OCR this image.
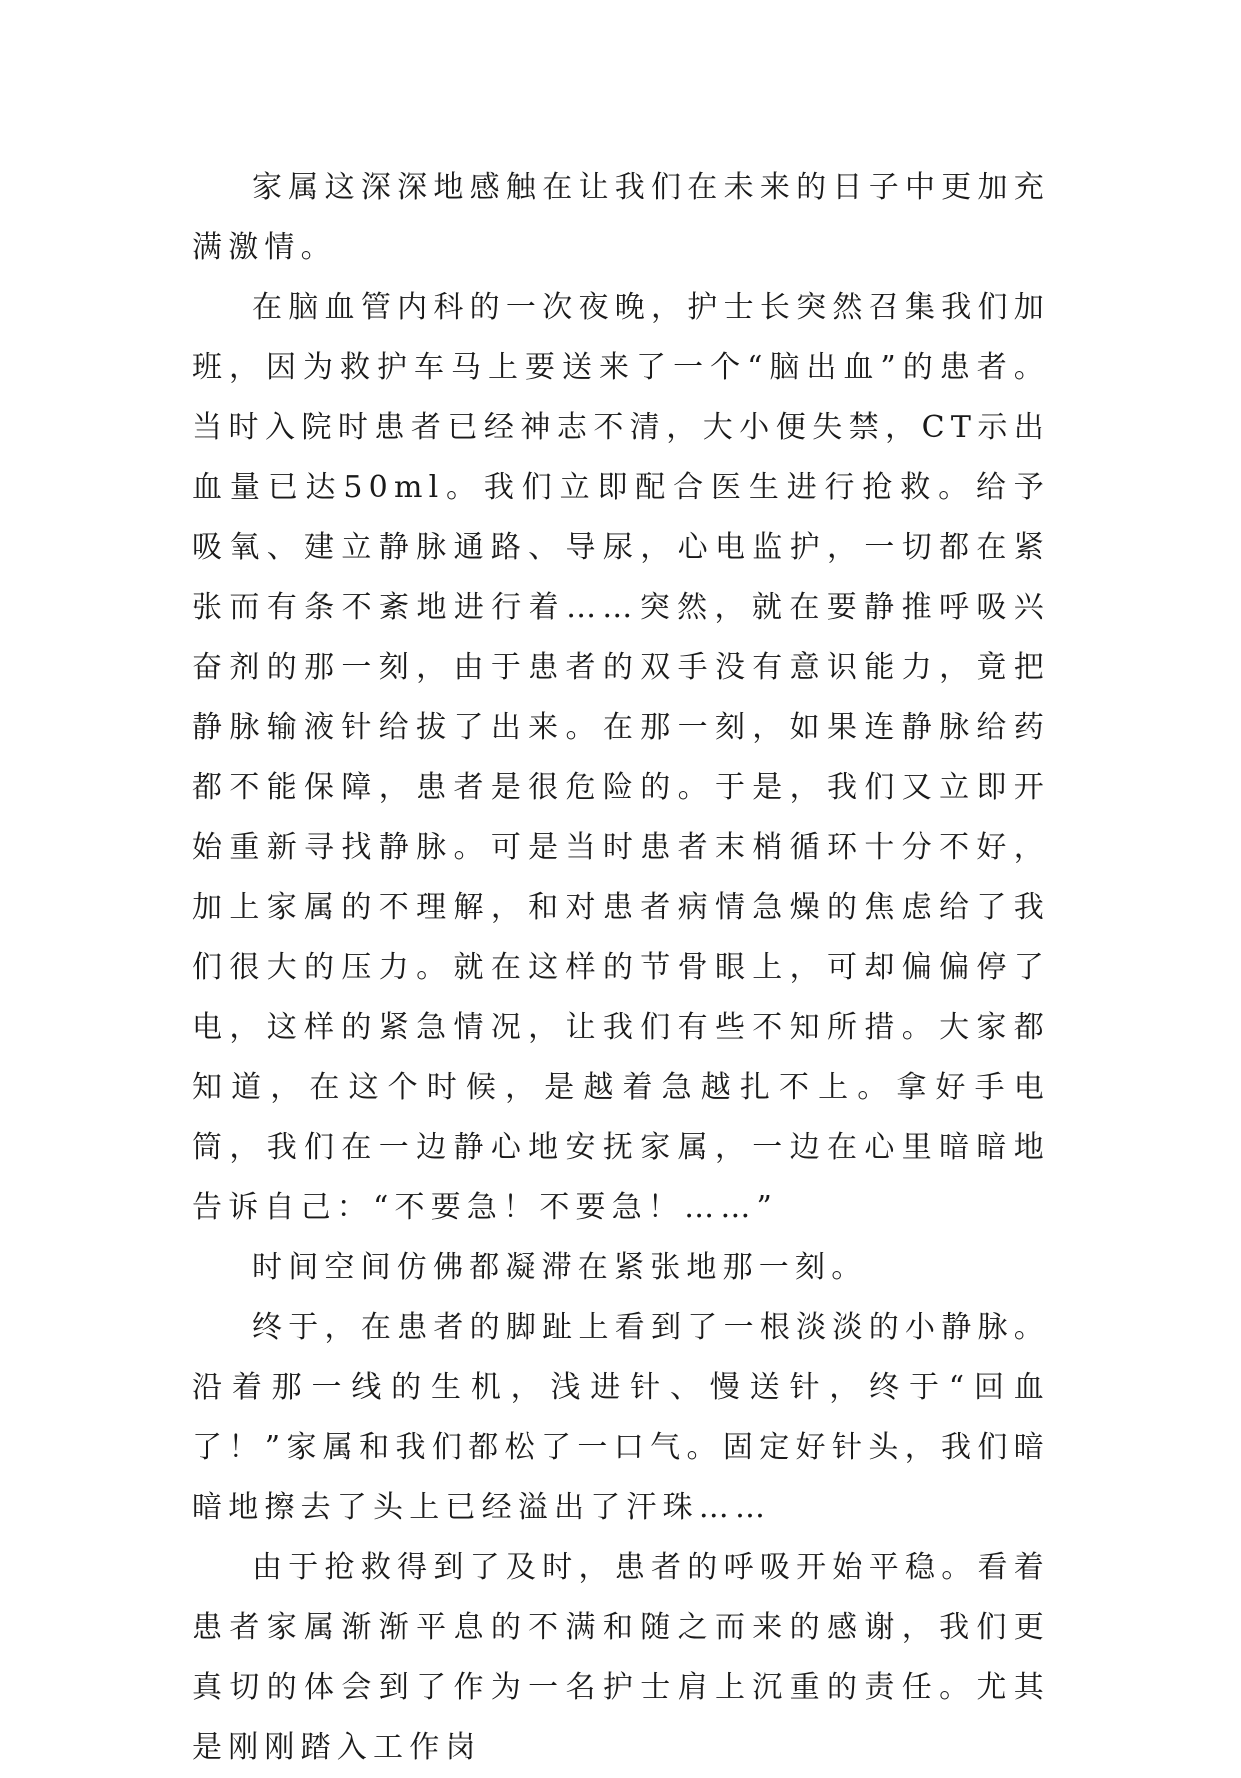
家属这深深地感触在让我们在未来的日子中更加充满激情。

在脑血管内科的一次夜晚，护士长突然召集我们加班，因为救护车马上要送来了一个“脑出血”的患者。当时入院时患者已经神志不清，大小便失禁，CT示出血量已达50ml。我们立即配合医生进行抢救。给予吸氧、建立静脉通路、导尿，心电监护，一切都在紧张而有条不紊地进行着……突然，就在要静推呼吸兴奋剂的那一刻，由于患者的双手没有意识能力，竟把静脉输液针给拔了出来。在那一刻，如果连静脉给药都不能保障，患者是很危险的。于是，我们又立即开始重新寻找静脉。可是当时患者末梢循环十分不好，加上家属的不理解，和对患者病情急燥的焦虑给了我们很大的压力。就在这样的节骨眼上，可却偏偏停了电，这样的紧急情况，让我们有些不知所措。大家都知道，在这个时候，是越着急越扎不上。拿好手电筒，我们在一边静心地安抚家属，一边在心里暗暗地告诉自己：“不要急！不要急！……”

时间空间仿佛都凝滞在紧张地那一刻。

终于，在患者的脚趾上看到了一根淡淡的小静脉。沿着那一线的生机，浅进针、慢送针，终于“回血了！”家属和我们都松了一口气。固定好针头，我们暗暗地擦去了头上已经溢出了汗珠……

由于抢救得到了及时，患者的呼吸开始平稳。看着患者家属渐渐平息的不满和随之而来的感谢，我们更真切的体会到了作为一名护士肩上沉重的责任。尤其是刚刚踏入工作岗
